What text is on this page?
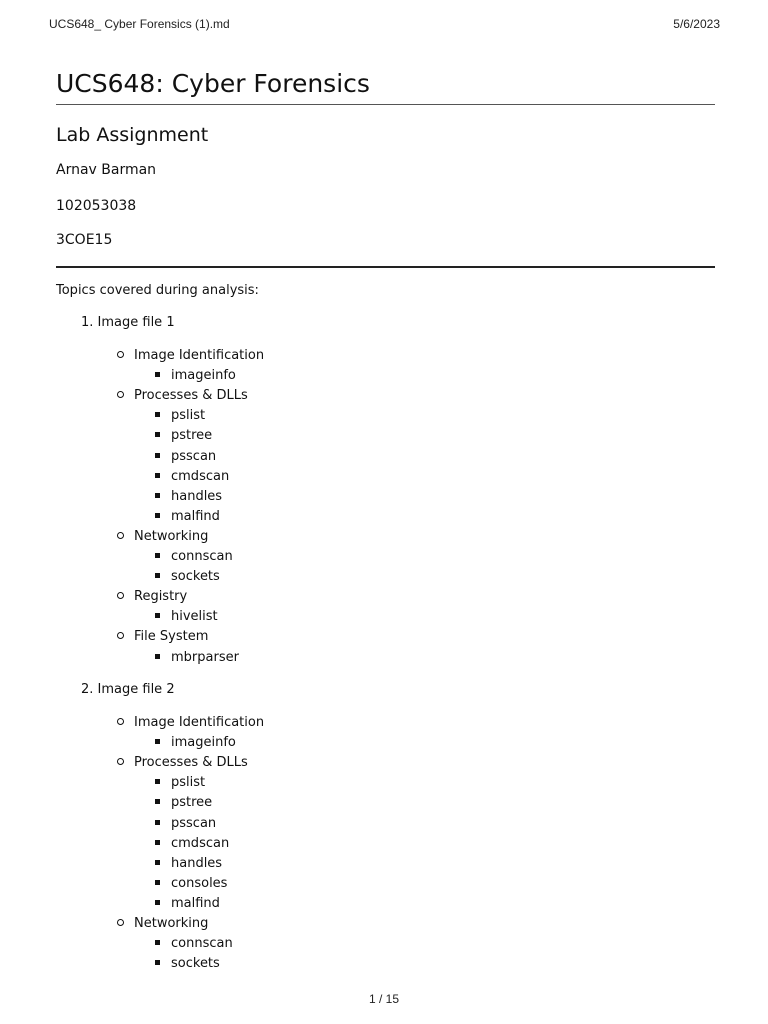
UCS648_ Cyber Forensics (1).md	5/6/2023
UCS648: Cyber Forensics
Lab Assignment

Arnav Barman

102053038

3COE15

Topics covered during analysis:

1. Image file 1
Image Identification
imageinfo
Processes & DLLs
pslist
pstree
psscan
cmdscan
handles
malfind
Networking
connscan
sockets
Registry
hivelist
File System
mbrparser
2. Image file 2
Image Identification
imageinfo
Processes & DLLs
pslist
pstree
psscan
cmdscan
handles
consoles
malfind
Networking
connscan
sockets
1 / 15
